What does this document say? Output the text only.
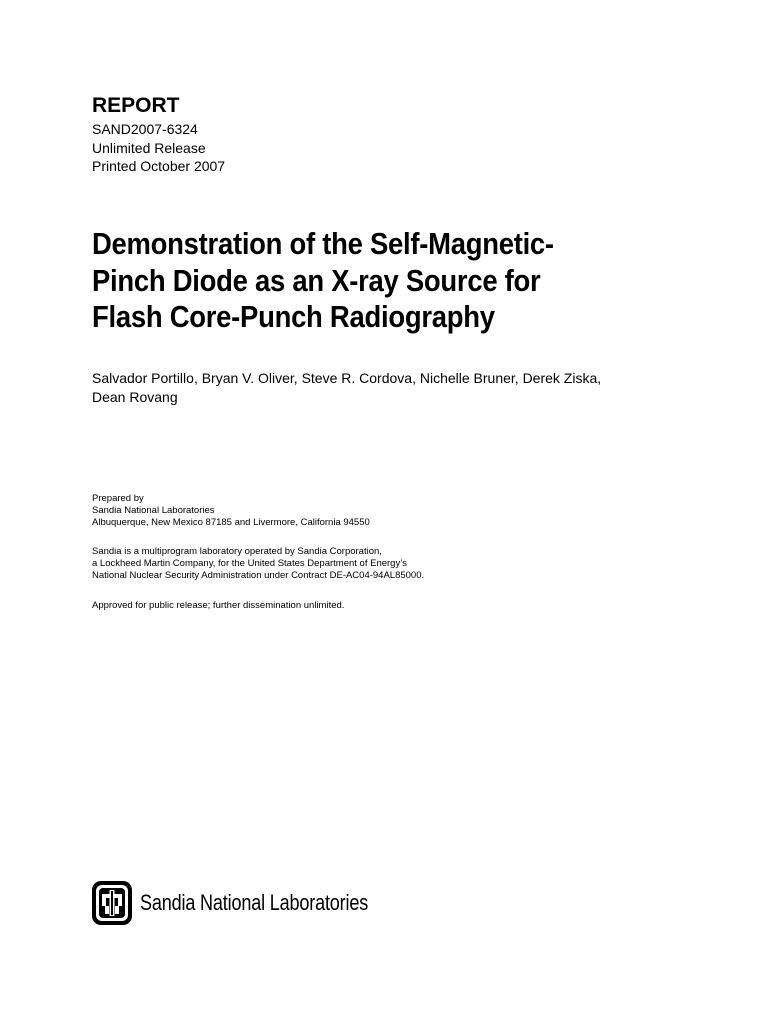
REPORT
SAND2007-6324
Unlimited Release
Printed October 2007
Demonstration of the Self-Magnetic-
Pinch Diode as an X-ray Source for
Flash Core-Punch Radiography
Salvador Portillo, Bryan V. Oliver, Steve R. Cordova, Nichelle Bruner, Derek Ziska,
Dean Rovang
Prepared by
Sandia National Laboratories
Albuquerque, New Mexico 87185 and Livermore, California 94550
Sandia is a multiprogram laboratory operated by Sandia Corporation,
a Lockheed Martin Company, for the United States Department of Energy’s
National Nuclear Security Administration under Contract DE-AC04-94AL85000.
Approved for public release; further dissemination unlimited.
Sandia National Laboratories
